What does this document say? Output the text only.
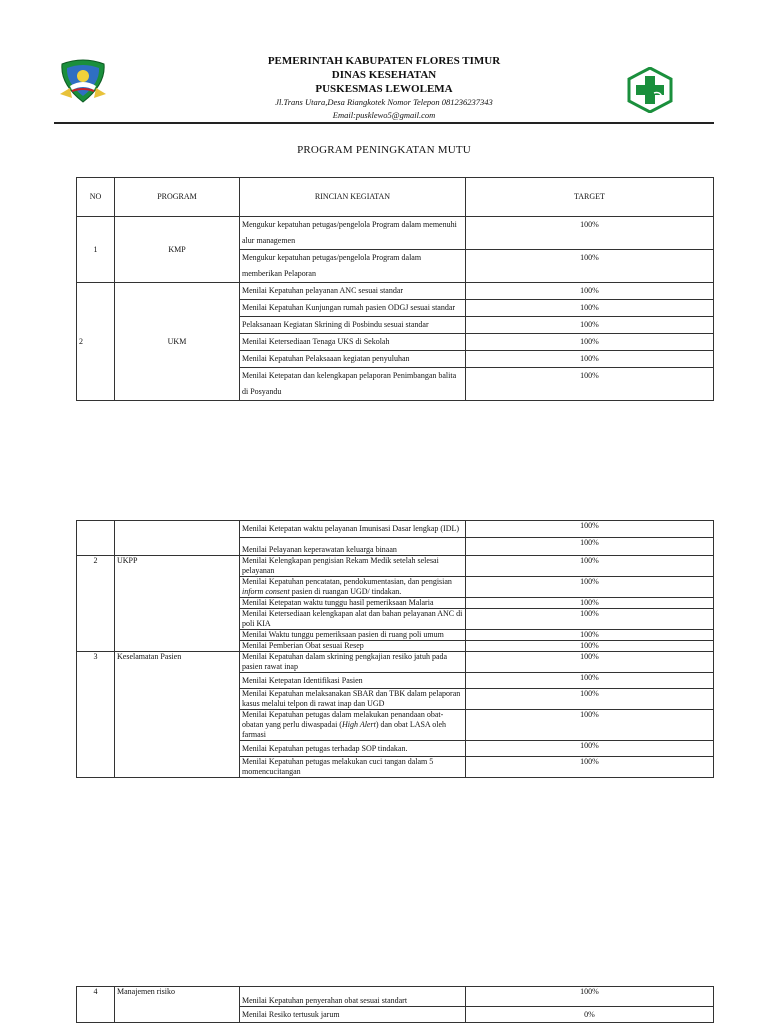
PEMERINTAH KABUPATEN FLORES TIMUR
DINAS KESEHATAN
PUSKESMAS LEWOLEMA
Jl.Trans Utara,Desa Riangkotek Nomor Telepon 081236237343
Email:pusklewo5@gmail.com
PROGRAM PENINGKATAN MUTU
NO	PROGRAM	RINCIAN KEGIATAN	TARGET
1	KMP	Mengukur kepatuhan petugas/pengelola Program dalam memenuhi alur managemen	100%
		Mengukur kepatuhan petugas/pengelola Program dalam memberikan Pelaporan	100%
2	UKM	Menilai Kepatuhan pelayanan ANC sesuai standar	100%
		Menilai Kepatuhan Kunjungan rumah pasien ODGJ sesuai standar	100%
		Pelaksanaan Kegiatan Skrining di Posbindu sesuai standar	100%
		Menilai Ketersediaan Tenaga UKS di Sekolah	100%
		Menilai Kepatuhan Pelaksaaan kegiatan penyuluhan	100%
		Menilai Ketepatan dan kelengkapan pelaporan Penimbangan balita di Posyandu	100%
		Menilai Ketepatan waktu pelayanan Imunisasi Dasar lengkap (IDL)	100%
		Menilai Pelayanan keperawatan keluarga binaan	100%
2	UKPP	Menilai Kelengkapan pengisian Rekam Medik setelah selesai pelayanan	100%
		Menilai Kepatuhan pencatatan, pendokumentasian, dan pengisian inform consent pasien di ruangan UGD/ tindakan.	100%
		Menilai Ketepatan waktu tunggu hasil pemeriksaan Malaria	100%
		Menilai Ketersediaan kelengkapan alat dan bahan pelayanan ANC di poli KIA	100%
		Menilai Waktu tunggu pemeriksaan pasien di ruang poli umum	100%
		Menilai Pemberian Obat sesuai Resep	100%
3	Keselamatan Pasien	Menilai Kepatuhan dalam skrining pengkajian resiko jatuh pada pasien rawat inap	100%
		Menilai Ketepatan Identifikasi Pasien	100%
		Menilai Kepatuhan melaksanakan SBAR dan TBK dalam pelaporan kasus melalui telpon di rawat inap dan UGD	100%
		Menilai Kepatuhan petugas dalam melakukan penandaan obat-obatan yang perlu diwaspadai (High Alert) dan obat LASA oleh farmasi	100%
		Menilai Kepatuhan petugas terhadap SOP tindakan.	100%
		Menilai Kepatuhan petugas melakukan cuci tangan dalam 5 momencucitangan	100%
4	Manajemen risiko	Menilai Kepatuhan penyerahan obat sesuai standart	100%
		Menilai Resiko tertusuk jarum	0%
